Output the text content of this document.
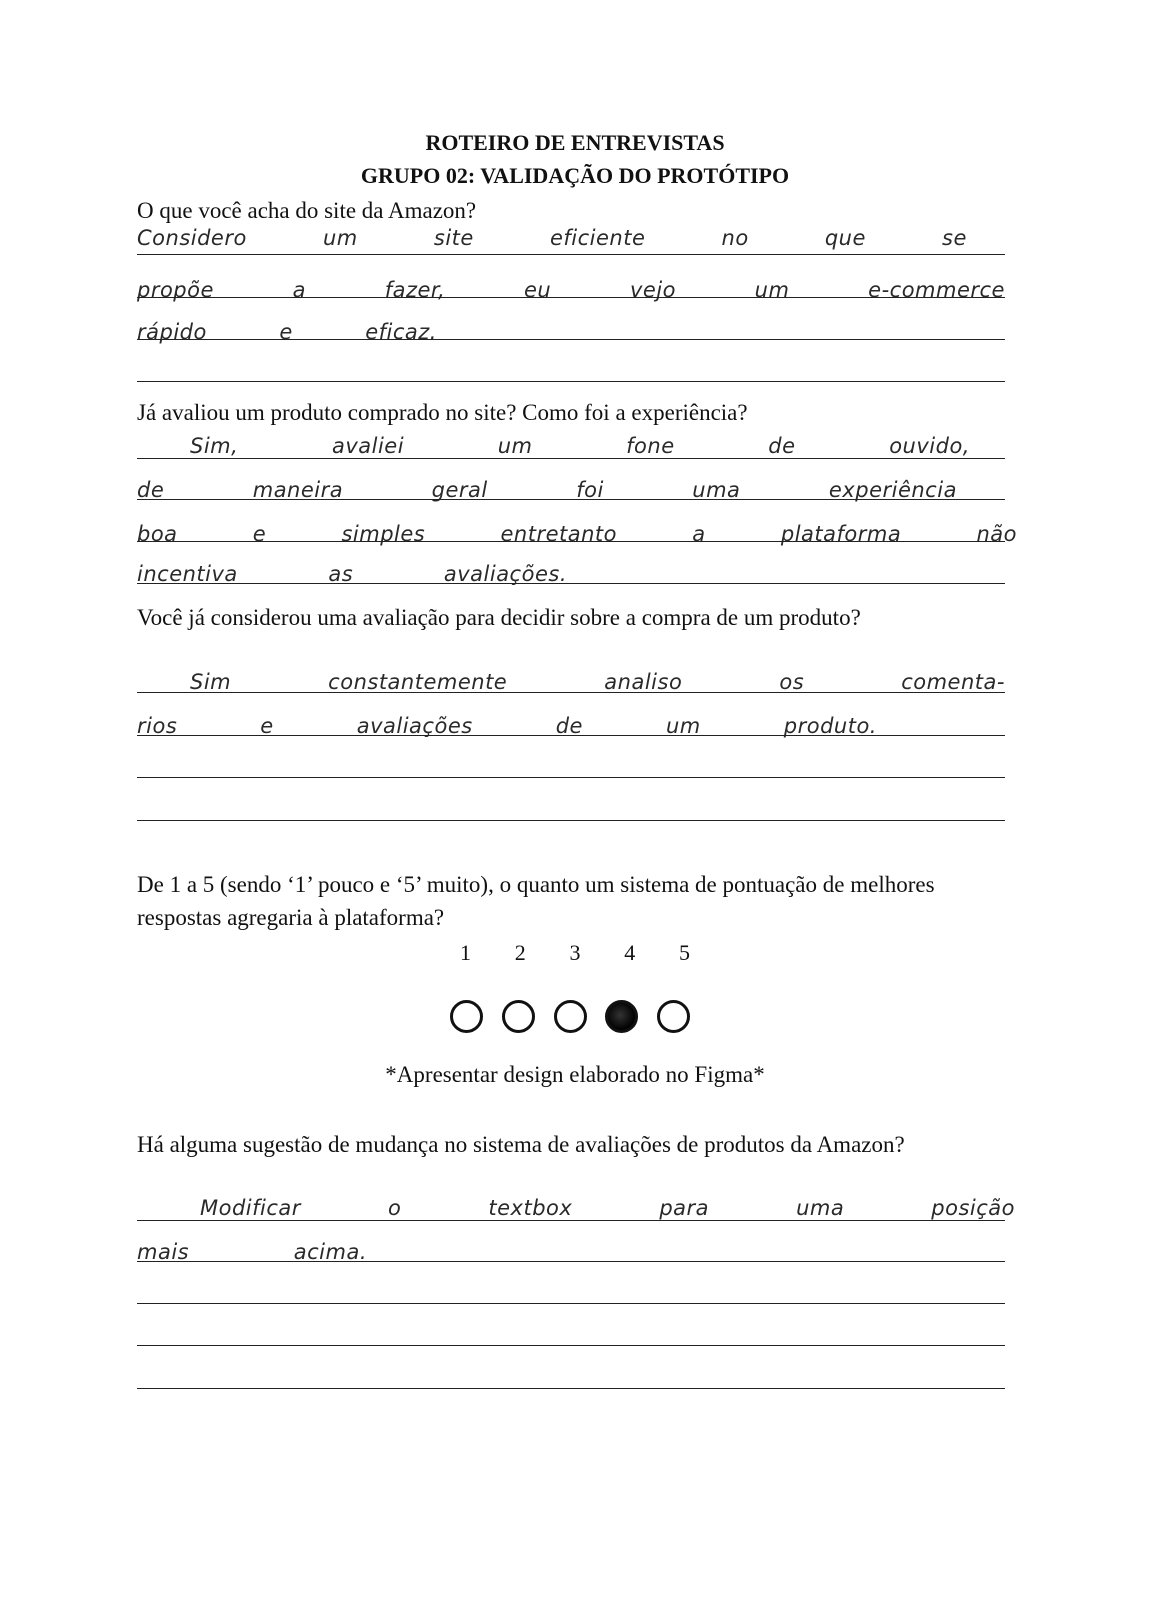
ROTEIRO DE ENTREVISTAS
GRUPO 02: VALIDAÇÃO DO PROTÓTIPO
O que você acha do site da Amazon?
Considero	um	site	eficiente	no	que	se
propõe	a	fazer,	eu	vejo	um	e-commerce
rápido	e	eficaz.
Já avaliou um produto comprado no site? Como foi a experiência?
Sim,	avaliei	um	fone	de	ouvido,
de	maneira	geral	foi	uma	experiência
boa	e	simples	entretanto	a	plataforma	não
incentiva	as	avaliações.
Você já considerou uma avaliação para decidir sobre a compra de um produto?
Sim	constantemente	analiso	os	comenta-
rios	e	avaliações	de	um	produto.
De 1 a 5 (sendo ‘1’ pouco e ‘5’ muito), o quanto um sistema de pontuação de melhores respostas agregaria à plataforma?
1 2 3 4 5
*Apresentar design elaborado no Figma*
Há alguma sugestão de mudança no sistema de avaliações de produtos da Amazon?
Modificar	o	textbox	para	uma	posição
mais	acima.
